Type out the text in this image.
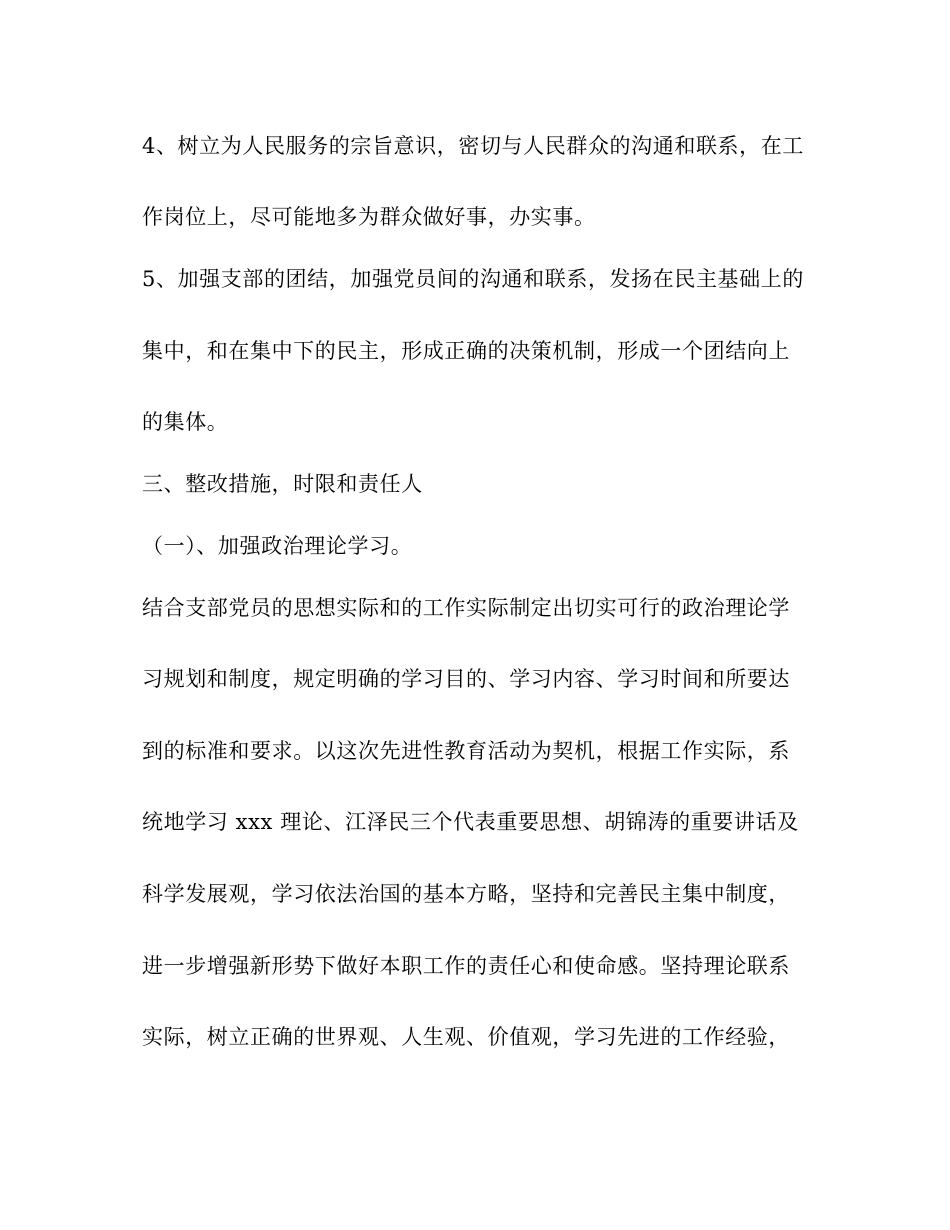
4、树立为人民服务的宗旨意识，密切与人民群众的沟通和联系，在工

作岗位上，尽可能地多为群众做好事，办实事。

5、加强支部的团结，加强党员间的沟通和联系，发扬在民主基础上的

集中，和在集中下的民主，形成正确的决策机制，形成一个团结向上

的集体。

三、整改措施，时限和责任人

（一）、加强政治理论学习。

结合支部党员的思想实际和的工作实际制定出切实可行的政治理论学

习规划和制度，规定明确的学习目的、学习内容、学习时间和所要达

到的标准和要求。以这次先进性教育活动为契机，根据工作实际，系

统地学习 xxx 理论、江泽民三个代表重要思想、胡锦涛的重要讲话及

科学发展观，学习依法治国的基本方略，坚持和完善民主集中制度，

进一步增强新形势下做好本职工作的责任心和使命感。坚持理论联系

实际，树立正确的世界观、人生观、价值观，学习先进的工作经验，
